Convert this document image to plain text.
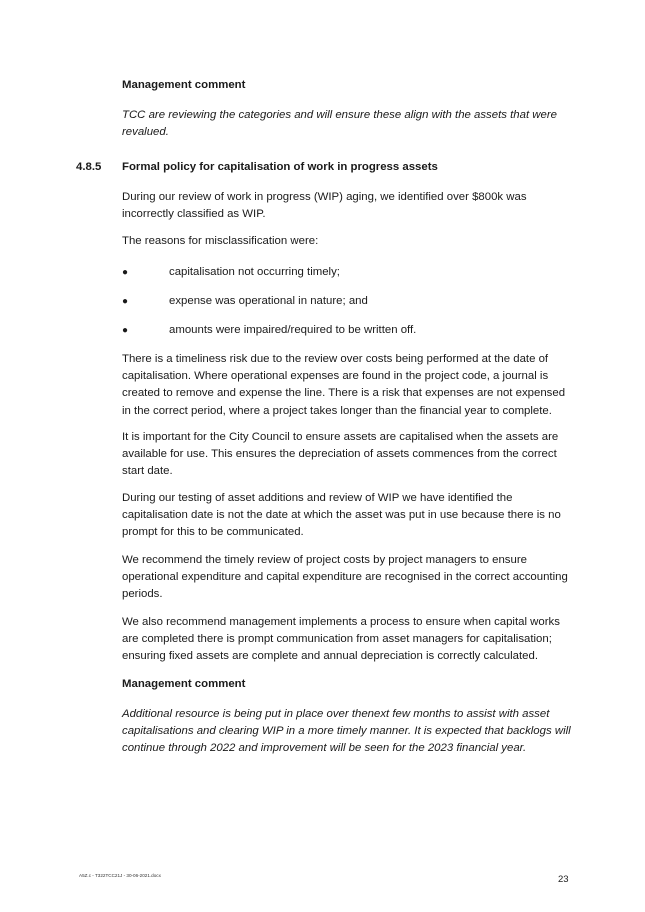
Management comment

TCC are reviewing the categories and will ensure these align with the assets that were revalued.

4.8.5 Formal policy for capitalisation of work in progress assets

During our review of work in progress (WIP) aging, we identified over $800k was incorrectly classified as WIP.

The reasons for misclassification were:

●	capitalisation not occurring timely;
●	expense was operational in nature; and
●	amounts were impaired/required to be written off.

There is a timeliness risk due to the review over costs being performed at the date of capitalisation. Where operational expenses are found in the project code, a journal is created to remove and expense the line. There is a risk that expenses are not expensed in the correct period, where a project takes longer than the financial year to complete.

It is important for the City Council to ensure assets are capitalised when the assets are available for use. This ensures the depreciation of assets commences from the correct start date.

During our testing of asset additions and review of WIP we have identified the capitalisation date is not the date at which the asset was put in use because there is no prompt for this to be communicated.

We recommend the timely review of project costs by project managers to ensure operational expenditure and capital expenditure are recognised in the correct accounting periods.

We also recommend management implements a process to ensure when capital works are completed there is prompt communication from asset managers for capitalisation; ensuring fixed assets are complete and annual depreciation is correctly calculated.

Management comment

Additional resource is being put in place over thenext few months to assist with asset capitalisations and clearing WIP in a more timely manner. It is expected that backlogs will continue through 2022 and improvement will be seen for the 2023 financial year.

A5Z.c - T322TCC21J - 30-06-2021.docx	23
